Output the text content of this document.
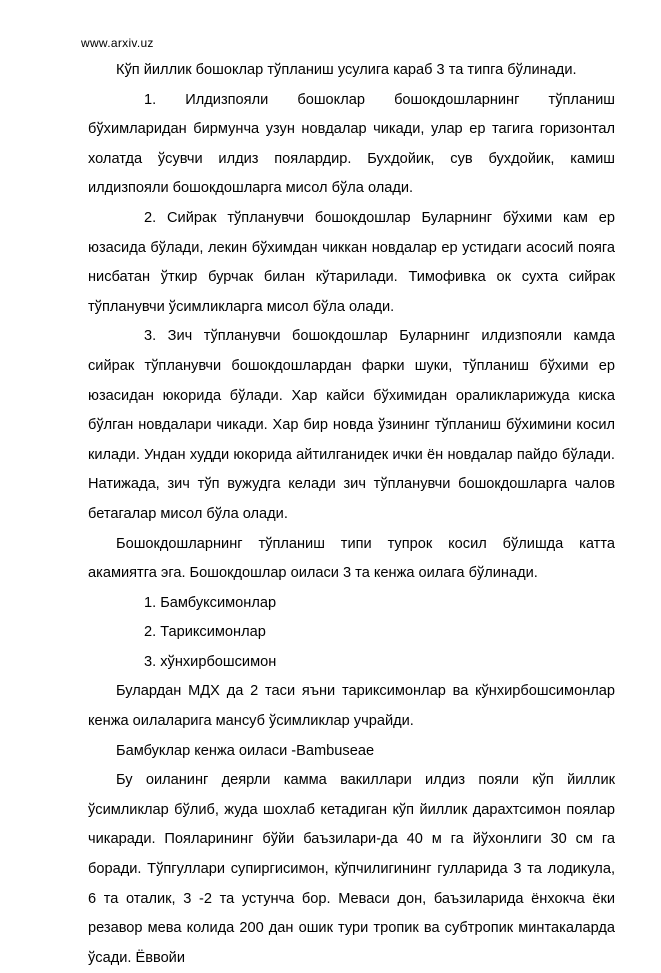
www.arxiv.uz

Кўп йиллик бошоклар тўпланиш усулига караб 3 та типга бўлинади.

1. Илдизпояли бошоклар бошокдошларнинг тўпланиш бўхимларидан бирмунча узун новдалар чикади, улар ер тагига горизонтал холатда ўсувчи илдиз поялардир. Бухдойик, сув бухдойик, камиш илдизпояли бошокдошларга мисол бўла олади.

2. Сийрак тўпланувчи бошокдошлар Буларнинг бўхими кам ер юзасида бўлади, лекин бўхимдан чиккан новдалар ер устидаги асосий пояга нисбатан ўткир бурчак билан кўтарилади. Тимофивка ок сухта сийрак тўпланувчи ўсимликларга мисол бўла олади.

3. Зич тўпланувчи бошокдошлар Буларнинг илдизпояли камда сийрак тўпланувчи бошокдошлардан фарки шуки, тўпланиш бўхими ер юзасидан юкорида бўлади. Хар кайси бўхимидан ораликларижуда киска бўлган новдалари чикади. Хар бир новда ўзининг тўпланиш бўхимини косил килади. Ундан худди юкорида айтилганидек ички ён новдалар пайдо бўлади. Натижада, зич тўп вужудга келади зич тўпланувчи бошокдошларга чалов бетагалар мисол бўла олади.

Бошокдошларнинг тўпланиш типи тупрок косил бўлишда катта акамиятга эга. Бошокдошлар оиласи 3 та кенжа оилага бўлинади.

1. Бамбуксимонлар

2. Тариксимонлар

3. хўнхирбошсимон

Булардан МДХ да 2 таси яъни тариксимонлар ва кўнхирбошсимонлар кенжа оилаларига мансуб ўсимликлар учрайди.

Бамбуклар кенжа оиласи -Bambuseae

Бу оиланинг деярли камма вакиллари илдиз пояли кўп йиллик ўсимликлар бўлиб, жуда шохлаб кетадиган кўп йиллик дарахтсимон поялар чикаради. Пояларининг бўйи баъзилари-да 40 м га йўхонлиги 30 см га боради. Тўпгуллари супиргисимон, кўпчилигининг гулларида 3 та лодикула, 6 та оталик, 3 -2 та устунча бор. Меваси дон, баъзиларида ёнхокча ёки резавор мева колида 200 дан ошик тури тропик ва субтропик минтакаларда ўсади. Ёввойи
